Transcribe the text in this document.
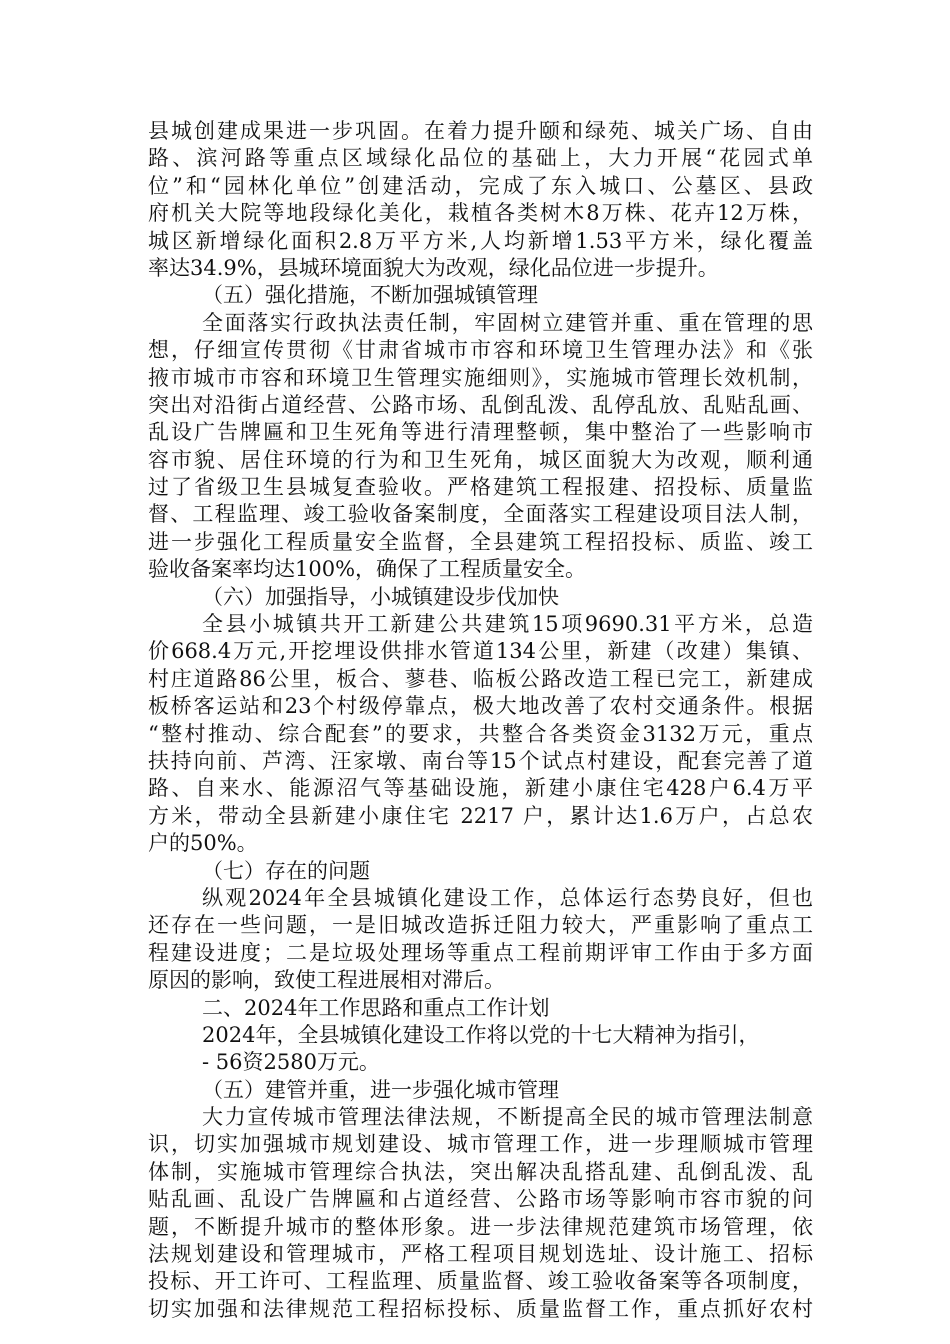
县城创建成果进一步巩固。在着力提升颐和绿苑、城关广场、自由
路、滨河路等重点区域绿化品位的基础上，大力开展“花园式单
位”和“园林化单位”创建活动，完成了东入城口、公墓区、县政
府机关大院等地段绿化美化，栽植各类树木8万株、花卉12万株，
城区新增绿化面积2.8万平方米,人均新增1.53平方米，绿化覆盖
率达34.9%，县城环境面貌大为改观，绿化品位进一步提升。
（五）强化措施，不断加强城镇管理
全面落实行政执法责任制，牢固树立建管并重、重在管理的思
想，仔细宣传贯彻《甘肃省城市市容和环境卫生管理办法》和《张
掖市城市市容和环境卫生管理实施细则》，实施城市管理长效机制，
突出对沿街占道经营、公路市场、乱倒乱泼、乱停乱放、乱贴乱画、
乱设广告牌匾和卫生死角等进行清理整顿，集中整治了一些影响市
容市貌、居住环境的行为和卫生死角，城区面貌大为改观，顺利通
过了省级卫生县城复查验收。严格建筑工程报建、招投标、质量监
督、工程监理、竣工验收备案制度，全面落实工程建设项目法人制，
进一步强化工程质量安全监督，全县建筑工程招投标、质监、竣工
验收备案率均达100%，确保了工程质量安全。
（六）加强指导，小城镇建设步伐加快
全县小城镇共开工新建公共建筑15项9690.31平方米，总造
价668.4万元,开挖埋设供排水管道134公里，新建（改建）集镇、
村庄道路86公里，板合、蓼巷、临板公路改造工程已完工，新建成
板桥客运站和23个村级停靠点，极大地改善了农村交通条件。根据
“整村推动、综合配套”的要求，共整合各类资金3132万元，重点
扶持向前、芦湾、汪家墩、南台等15个试点村建设，配套完善了道
路、自来水、能源沼气等基础设施，新建小康住宅428户6.4万平
方米，带动全县新建小康住宅 2217 户，累计达1.6万户，占总农
户的50%。
（七）存在的问题
纵观2024年全县城镇化建设工作，总体运行态势良好，但也
还存在一些问题，一是旧城改造拆迁阻力较大，严重影响了重点工
程建设进度；二是垃圾处理场等重点工程前期评审工作由于多方面
原因的影响，致使工程进展相对滞后。
二、2024年工作思路和重点工作计划
2024年，全县城镇化建设工作将以党的十七大精神为指引，
- 56资2580万元。
（五）建管并重，进一步强化城市管理
大力宣传城市管理法律法规，不断提高全民的城市管理法制意
识，切实加强城市规划建设、城市管理工作，进一步理顺城市管理
体制，实施城市管理综合执法，突出解决乱搭乱建、乱倒乱泼、乱
贴乱画、乱设广告牌匾和占道经营、公路市场等影响市容市貌的问
题，不断提升城市的整体形象。进一步法律规范建筑市场管理，依
法规划建设和管理城市，严格工程项目规划选址、设计施工、招标
投标、开工许可、工程监理、质量监督、竣工验收备案等各项制度，
切实加强和法律规范工程招标投标、质量监督工作，重点抓好农村
